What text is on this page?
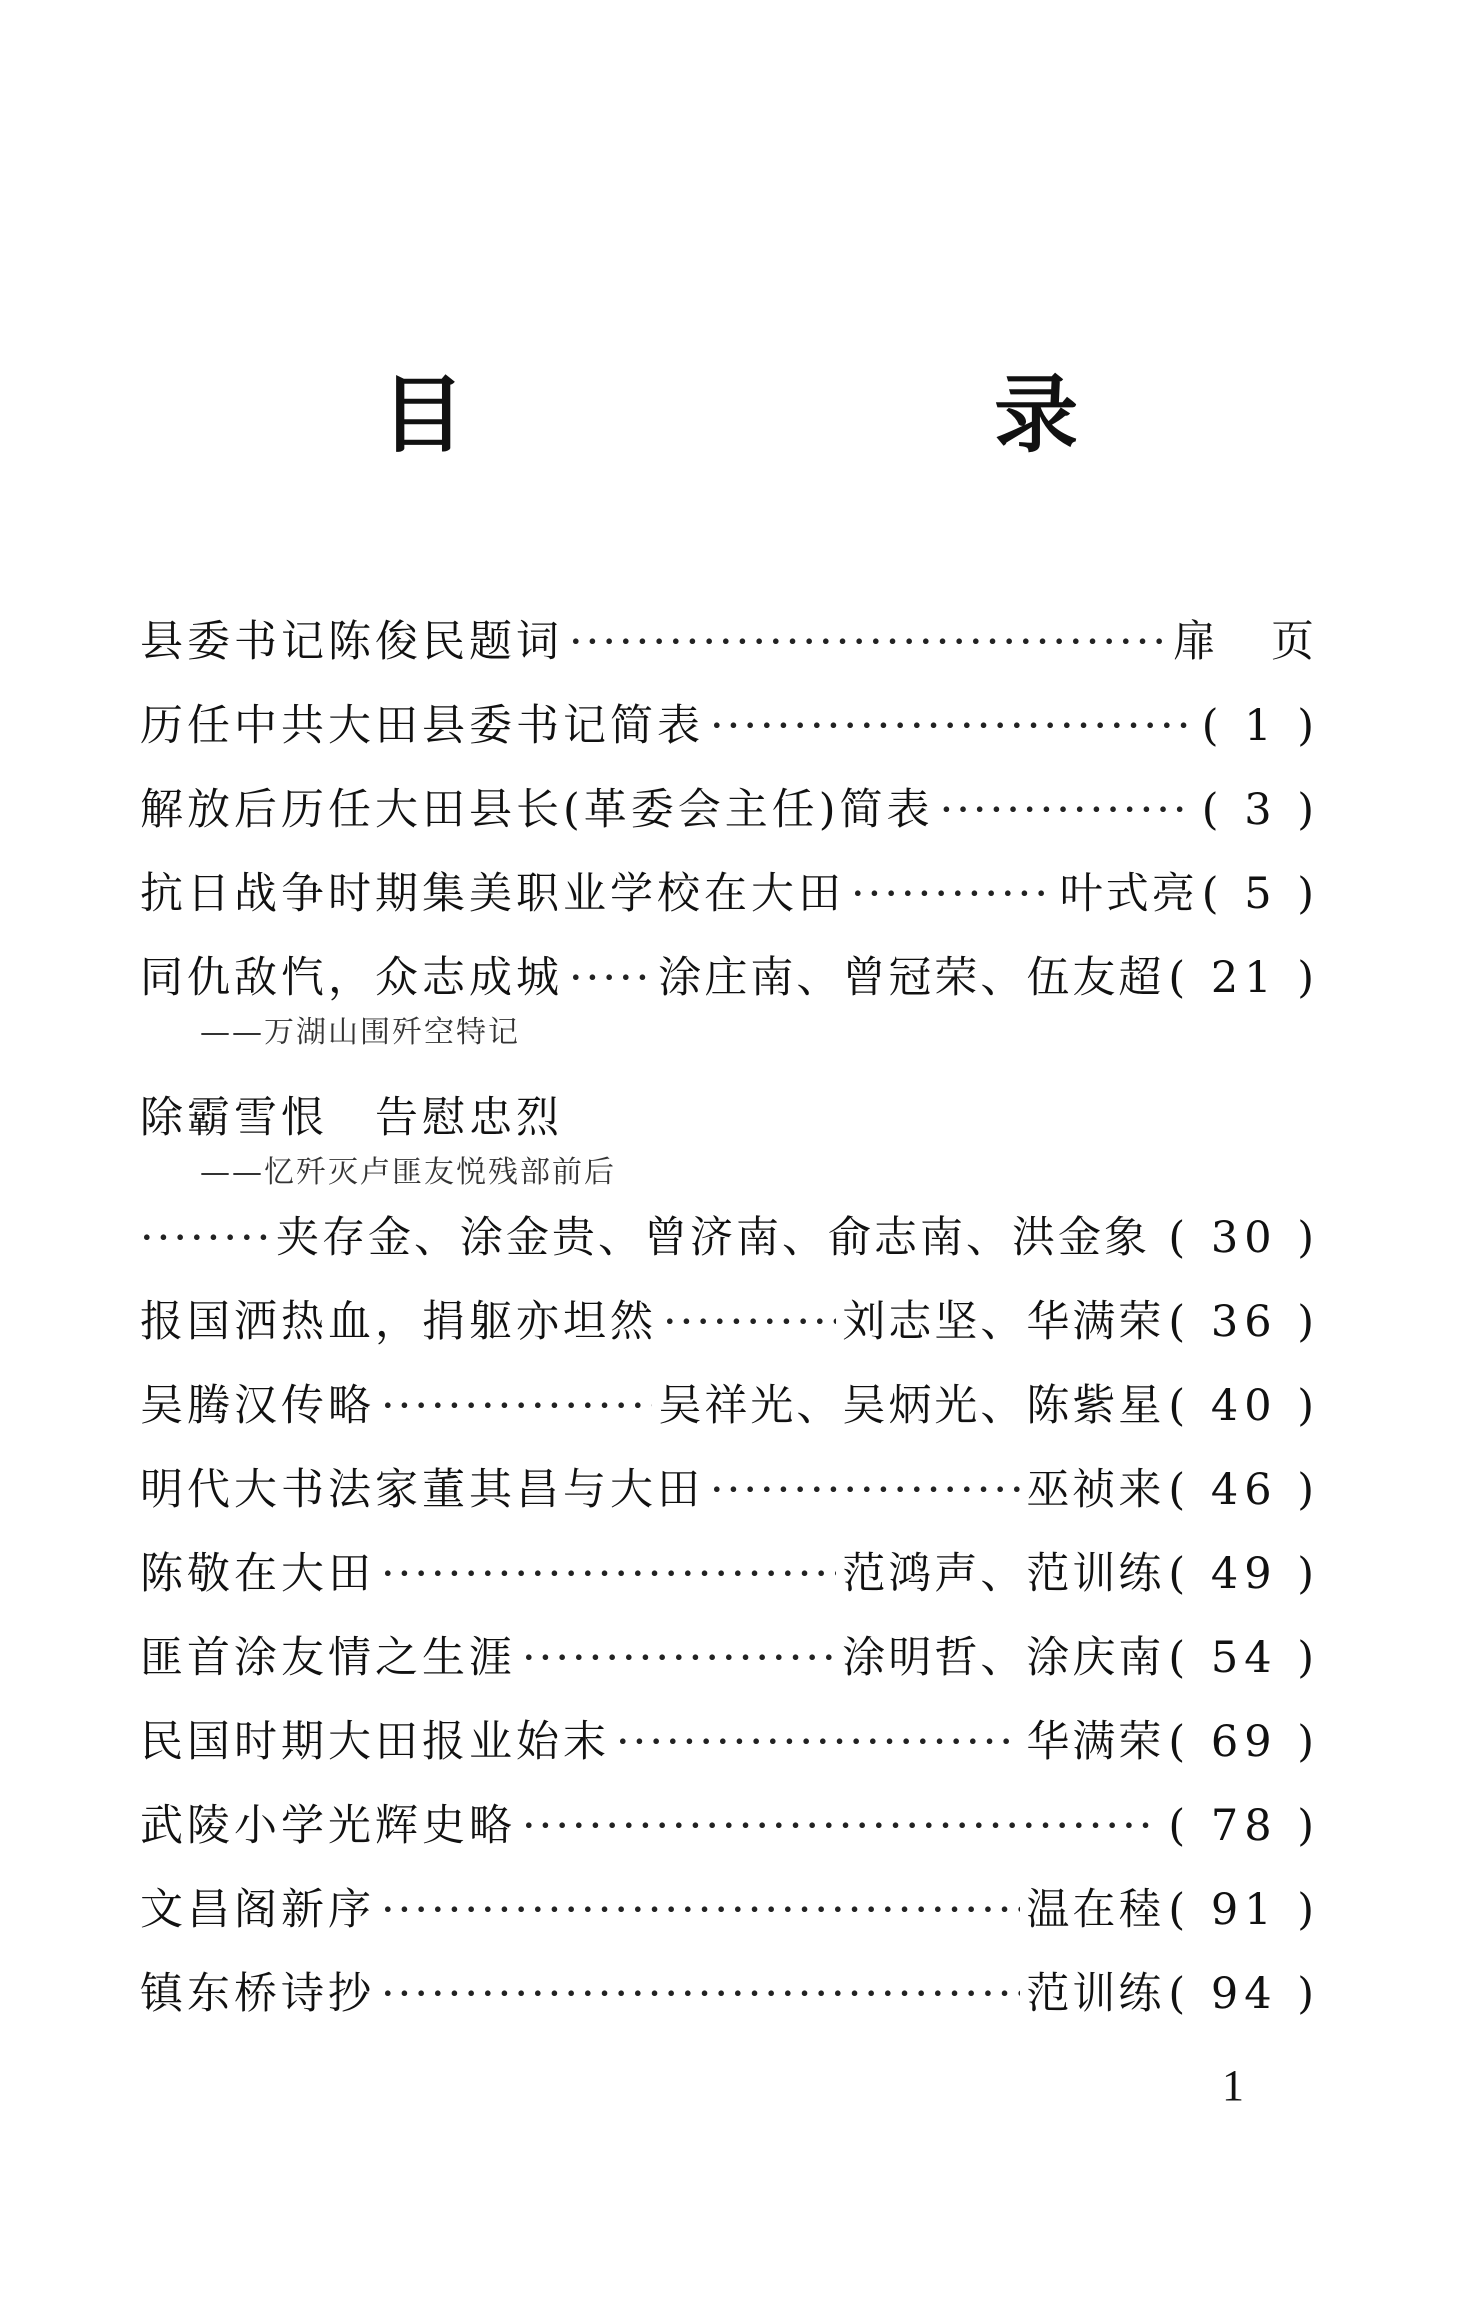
目 录
县委书记陈俊民题词 ·····	扉　页
历任中共大田县委书记简表 ·····	( 1 )
解放后历任大田县长(革委会主任)简表 ·····	( 3 )
抗日战争时期集美职业学校在大田 ·····	叶式亮 ( 5 )
同仇敌忾，众志成城 ····· 涂庄南、曾冠荣、伍友超 ( 21 )
——万湖山围歼空特记
除霸雪恨　告慰忠烈
——忆歼灭卢匪友悦残部前后
·····
夹存金、涂金贵、曾济南、俞志南、洪金象 ( 30 )
报国洒热血，捐躯亦坦然 ·····	刘志坚、华满荣 ( 36 )
吴腾汉传略 ·····	吴祥光、吴炳光、陈紫星 ( 40 )
明代大书法家董其昌与大田 ·····	巫祯来 ( 46 )
陈敬在大田 ·····	范鸿声、范训练 ( 49 )
匪首涂友情之生涯 ·····	涂明哲、涂庆南 ( 54 )
民国时期大田报业始末 ·····	华满荣 ( 69 )
武陵小学光辉史略 ·····	( 78 )
文昌阁新序 ·····	温在稑 ( 91 )
镇东桥诗抄 ·····	范训练 ( 94 )
1
